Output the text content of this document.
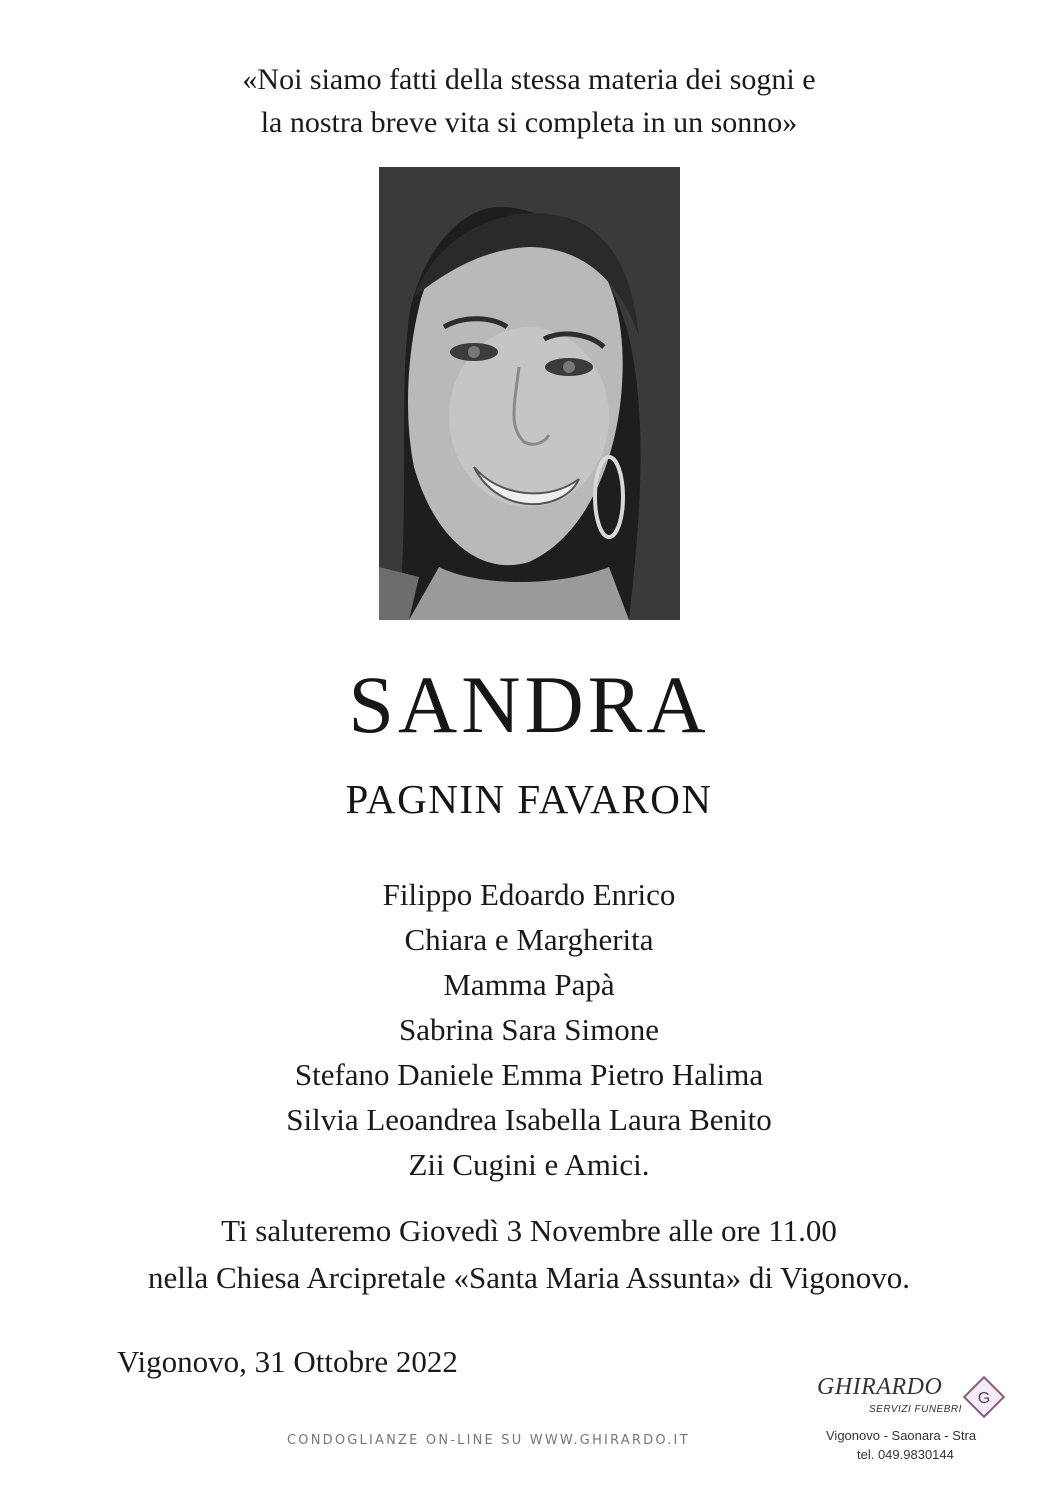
«Noi siamo fatti della stessa materia dei sogni e
la nostra breve vita si completa in un sonno»
SANDRA
PAGNIN FAVARON
Filippo Edoardo Enrico
Chiara e Margherita
Mamma Papà
Sabrina Sara Simone
Stefano Daniele Emma Pietro Halima
Silvia Leoandrea Isabella Laura Benito
Zii Cugini e Amici.
Ti saluteremo Giovedì 3 Novembre alle ore 11.00
nella Chiesa Arcipretale «Santa Maria Assunta» di Vigonovo.
Vigonovo, 31 Ottobre 2022
CONDOGLIANZE ON-LINE SU WWW.GHIRARDO.IT
GHIRARDO
SERVIZI FUNEBRI
G
Vigonovo - Saonara - Stra
tel. 049.9830144
